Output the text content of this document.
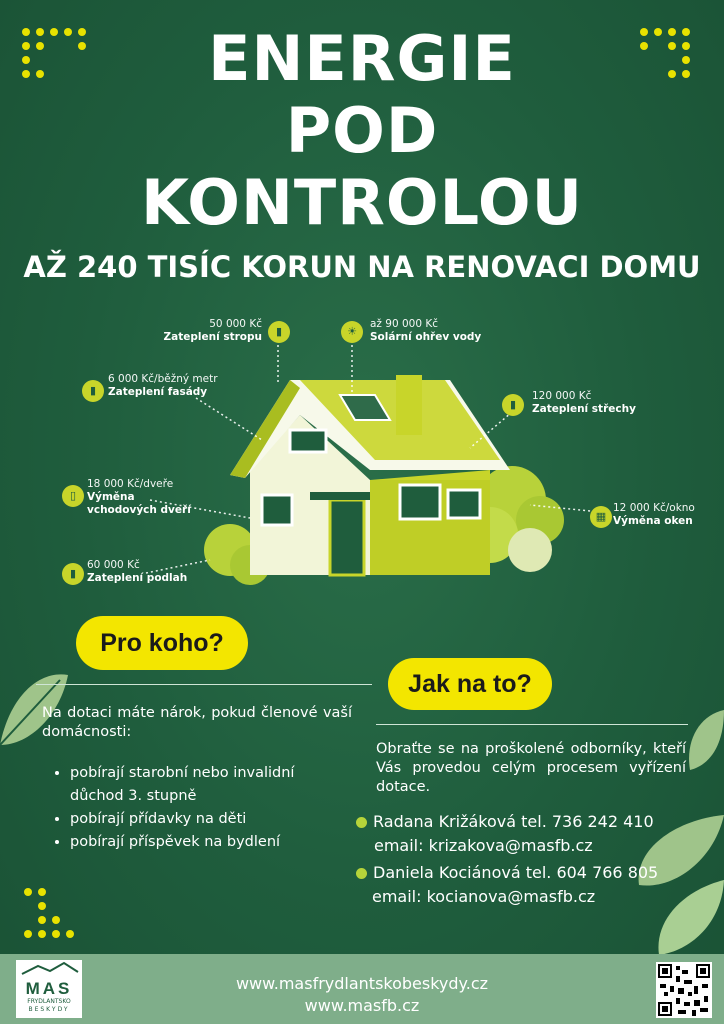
ENERGIE
POD
KONTROLOU
AŽ 240 TISÍC KORUN NA RENOVACI DOMU
▮
50 000 Kč
Zateplení stropu	☀
až 90 000 Kč
Solární ohřev vody
▮
6 000 Kč/běžný metr
Zateplení fasády
▮
120 000 Kč
Zateplení střechy
▯
18 000 Kč/dveře
Výměna vchodových dveří	▦
12 000 Kč/okno
Výměna oken
▮
60 000 Kč
Zateplení podlah
Pro koho?
Na dotaci máte nárok, pokud členové vaší domácnosti:
• pobírají starobní nebo invalidní důchod 3. stupně
• pobírají přídavky na děti
• pobírají příspěvek na bydlení
Jak na to?
Obraťte se na proškolené odborníky, kteří Vás provedou celým procesem vyřízení dotace.
Radana Križáková tel. 736 242 410
email: krizakova@masfb.cz
Daniela Kociánová tel. 604 766 805
email: kocianova@masfb.cz
www.masfrydlantskobeskydy.cz
www.masfb.cz
MAS
FRYDLANTSKO
BESKYDY
